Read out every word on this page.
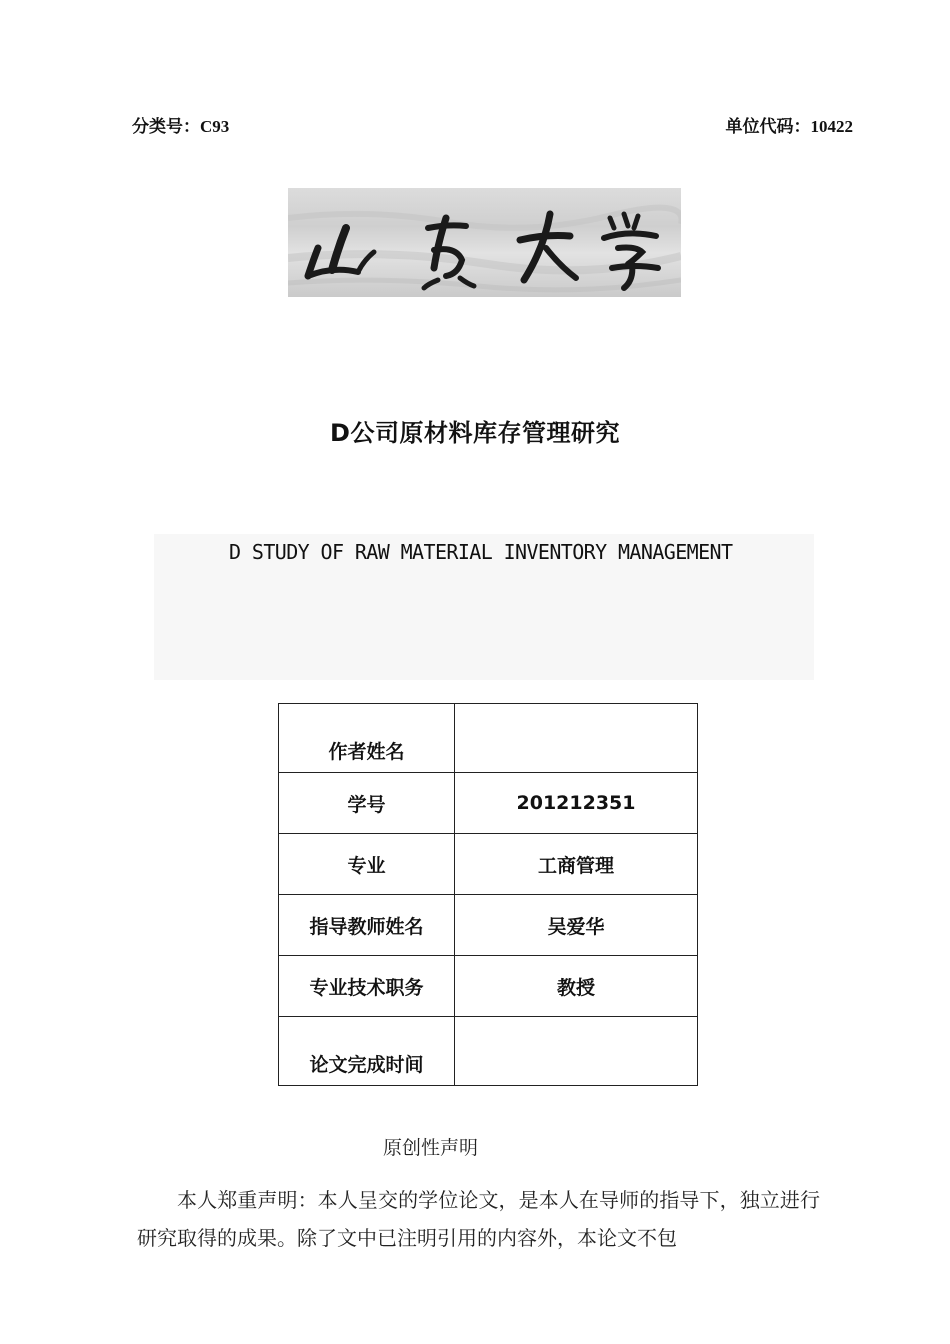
分类号：C93	单位代码：10422
D公司原材料库存管理研究
D STUDY OF RAW MATERIAL INVENTORY MANAGEMENT
作者姓名	
学号	201212351
专业	工商管理
指导教师姓名	吴爱华
专业技术职务	教授
论文完成时间	
原创性声明
本人郑重声明：本人呈交的学位论文，是本人在导师的指导下，独立进行研究取得的成果。除了文中已注明引用的内容外，本论文不包
